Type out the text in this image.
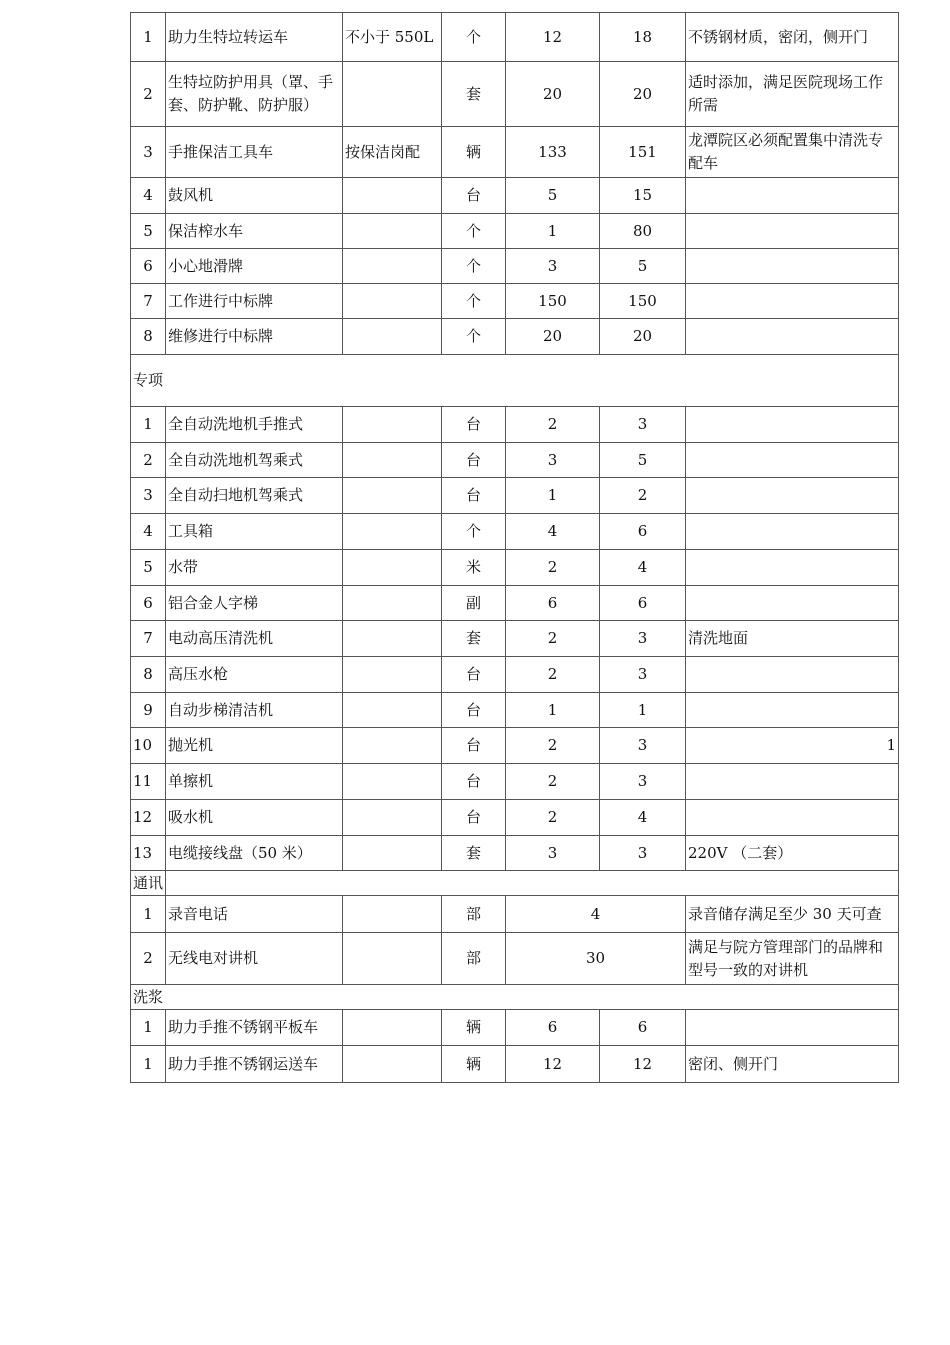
1	助力生特垃转运车	不小于 550L	个	12	18	不锈钢材质，密闭，侧开门
2	生特垃防护用具（罩、手套、防护靴、防护服）		套	20	20	适时添加，满足医院现场工作所需
3	手推保洁工具车	按保洁岗配	辆	133	151	龙潭院区必须配置集中清洗专配车
4	鼓风机		台	5	15	
5	保洁榨水车		个	1	80	
6	小心地滑牌		个	3	5	
7	工作进行中标牌		个	150	150	
8	维修进行中标牌		个	20	20	
专项						
1	全自动洗地机手推式		台	2	3	
2	全自动洗地机驾乘式		台	3	5	
3	全自动扫地机驾乘式		台	1	2	
4	工具箱		个	4	6	
5	水带		米	2	4	
6	铝合金人字梯		副	6	6	
7	电动高压清洗机		套	2	3	清洗地面
8	高压水枪		台	2	3	
9	自动步梯清洁机		台	1	1	
10	抛光机		台	2	3	1
11	单擦机		台	2	3	
12	吸水机		台	2	4	
13	电缆接线盘（50 米）		套	3	3	220V （二套）
通讯						
1	录音电话		部	4		录音储存满足至少 30 天可查
2	无线电对讲机		部	30		满足与院方管理部门的品牌和型号一致的对讲机
洗浆						
1	助力手推不锈钢平板车		辆	6	6	
1	助力手推不锈钢运送车		辆	12	12	密闭、侧开门
